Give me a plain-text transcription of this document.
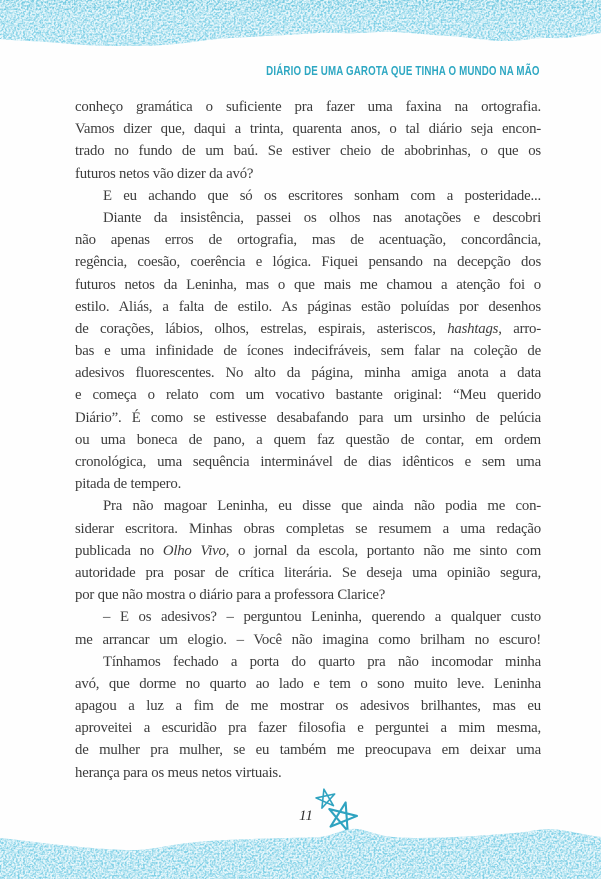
DIÁRIO DE UMA GAROTA QUE TINHA O MUNDO NA MÃO
conheço gramática o suficiente pra fazer uma faxina na ortografia.
Vamos dizer que, daqui a trinta, quarenta anos, o tal diário seja encon-
trado no fundo de um baú. Se estiver cheio de abobrinhas, o que os
futuros netos vão dizer da avó?
E eu achando que só os escritores sonham com a posteridade...
Diante da insistência, passei os olhos nas anotações e descobri
não apenas erros de ortografia, mas de acentuação, concordância,
regência, coesão, coerência e lógica. Fiquei pensando na decepção dos
futuros netos da Leninha, mas o que mais me chamou a atenção foi o
estilo. Aliás, a falta de estilo. As páginas estão poluídas por desenhos
de corações, lábios, olhos, estrelas, espirais, asteriscos, hashtags, arro-
bas e uma infinidade de ícones indecifráveis, sem falar na coleção de
adesivos fluorescentes. No alto da página, minha amiga anota a data
e começa o relato com um vocativo bastante original: “Meu querido
Diário”. É como se estivesse desabafando para um ursinho de pelúcia
ou uma boneca de pano, a quem faz questão de contar, em ordem
cronológica, uma sequência interminável de dias idênticos e sem uma
pitada de tempero.
Pra não magoar Leninha, eu disse que ainda não podia me con-
siderar escritora. Minhas obras completas se resumem a uma redação
publicada no Olho Vivo, o jornal da escola, portanto não me sinto com
autoridade pra posar de crítica literária. Se deseja uma opinião segura,
por que não mostra o diário para a professora Clarice?
– E os adesivos? – perguntou Leninha, querendo a qualquer custo
me arrancar um elogio. – Você não imagina como brilham no escuro!
Tínhamos fechado a porta do quarto pra não incomodar minha
avó, que dorme no quarto ao lado e tem o sono muito leve. Leninha
apagou a luz a fim de me mostrar os adesivos brilhantes, mas eu
aproveitei a escuridão pra fazer filosofia e perguntei a mim mesma,
de mulher pra mulher, se eu também me preocupava em deixar uma
herança para os meus netos virtuais.
11
